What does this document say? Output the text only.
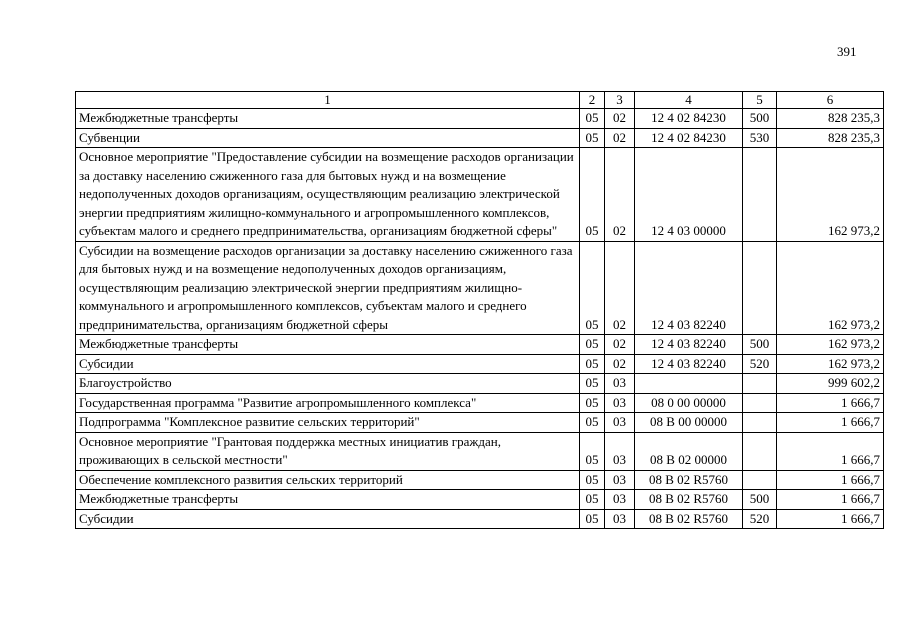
391
1	2	3	4	5	6
Межбюджетные трансферты	05	02	12 4 02 84230	500	828 235,3
Субвенции	05	02	12 4 02 84230	530	828 235,3
Основное мероприятие "Предоставление субсидии на возмещение расходов организации за доставку населению сжиженного газа для бытовых нужд и на возмещение недополученных доходов организациям, осуществляющим реализацию электрической энергии предприятиям жилищно-коммунального и агропромышленного комплексов, субъектам малого и среднего предпринимательства, организациям бюджетной сферы"	05	02	12 4 03 00000		162 973,2
Субсидии на возмещение расходов организации за доставку населению сжиженного газа для бытовых нужд и на возмещение недополученных доходов организациям, осуществляющим реализацию электрической энергии предприятиям жилищно-коммунального и агропромышленного комплексов, субъектам малого и среднего предпринимательства, организациям бюджетной сферы	05	02	12 4 03 82240		162 973,2
Межбюджетные трансферты	05	02	12 4 03 82240	500	162 973,2
Субсидии	05	02	12 4 03 82240	520	162 973,2
Благоустройство	05	03			999 602,2
Государственная программа "Развитие агропромышленного комплекса"	05	03	08 0 00 00000		1 666,7
Подпрограмма "Комплексное развитие сельских территорий"	05	03	08 В 00 00000		1 666,7
Основное мероприятие "Грантовая поддержка местных инициатив граждан, проживающих в сельской местности"	05	03	08 В 02 00000		1 666,7
Обеспечение комплексного развития сельских территорий	05	03	08 В 02 R5760		1 666,7
Межбюджетные трансферты	05	03	08 В 02 R5760	500	1 666,7
Субсидии	05	03	08 В 02 R5760	520	1 666,7
